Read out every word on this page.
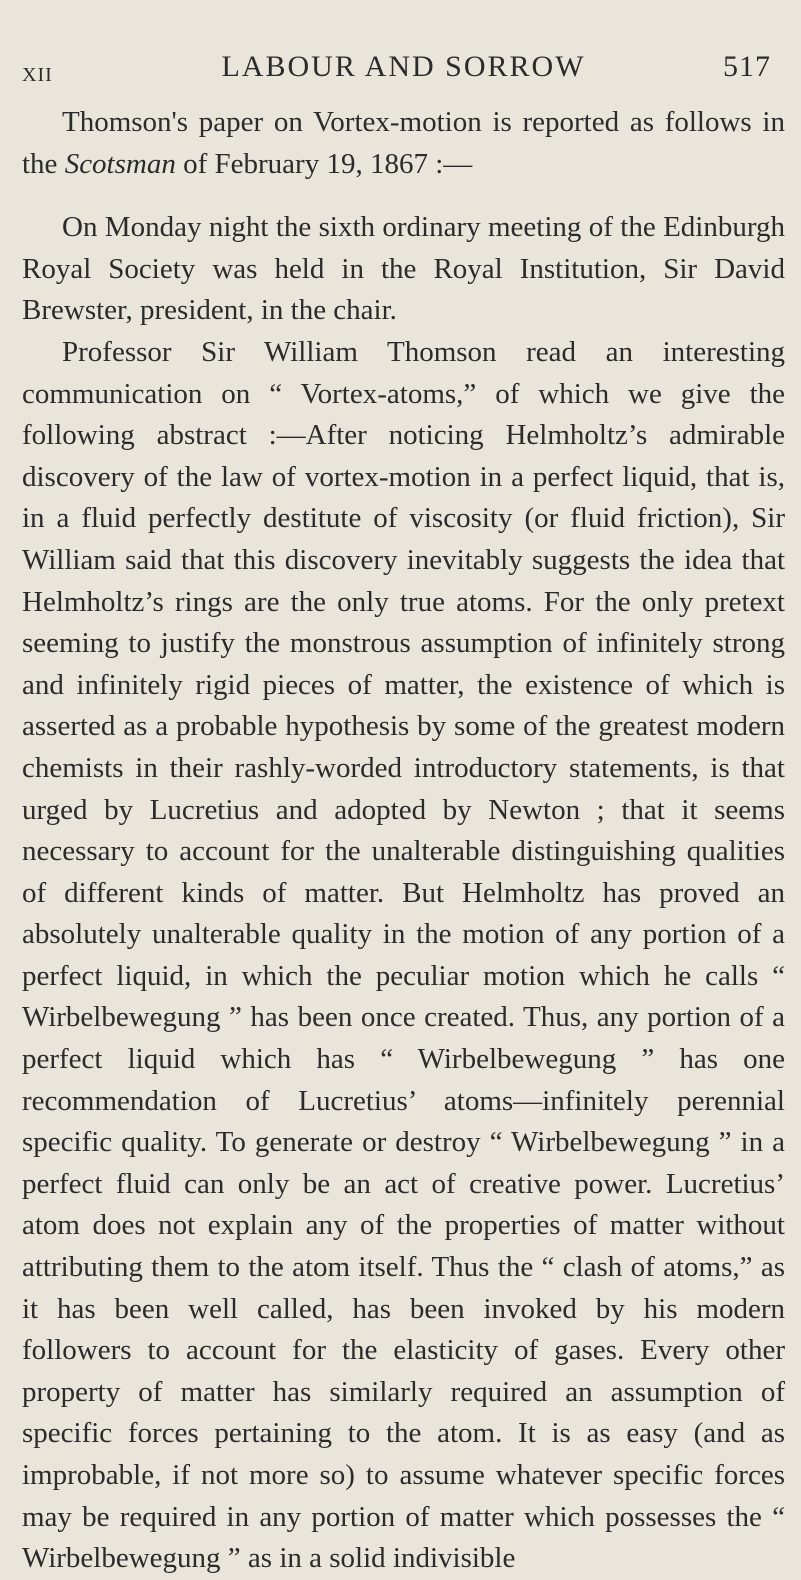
XII	LABOUR AND SORROW	517

Thomson's paper on Vortex-motion is reported as follows in the Scotsman of February 19, 1867 :—

On Monday night the sixth ordinary meeting of the Edinburgh Royal Society was held in the Royal Institution, Sir David Brewster, president, in the chair.

Professor Sir William Thomson read an interesting communication on “ Vortex-atoms,” of which we give the following abstract :—After noticing Helmholtz’s admirable discovery of the law of vortex-motion in a perfect liquid, that is, in a fluid perfectly destitute of viscosity (or fluid friction), Sir William said that this discovery inevitably suggests the idea that Helmholtz’s rings are the only true atoms. For the only pretext seeming to justify the monstrous assumption of infinitely strong and infinitely rigid pieces of matter, the existence of which is asserted as a probable hypothesis by some of the greatest modern chemists in their rashly-worded introductory statements, is that urged by Lucretius and adopted by Newton ; that it seems necessary to account for the unalterable distinguishing qualities of different kinds of matter. But Helmholtz has proved an absolutely unalterable quality in the motion of any portion of a perfect liquid, in which the peculiar motion which he calls “ Wirbelbewegung ” has been once created. Thus, any portion of a perfect liquid which has “ Wirbelbewegung ” has one recommendation of Lucretius’ atoms—infinitely perennial specific quality. To generate or destroy “ Wirbelbewegung ” in a perfect fluid can only be an act of creative power. Lucretius’ atom does not explain any of the properties of matter without attributing them to the atom itself. Thus the “ clash of atoms,” as it has been well called, has been invoked by his modern followers to account for the elasticity of gases. Every other property of matter has similarly required an assumption of specific forces pertaining to the atom. It is as easy (and as improbable, if not more so) to assume whatever specific forces may be required in any portion of matter which possesses the “ Wirbelbewegung ” as in a solid indivisible
